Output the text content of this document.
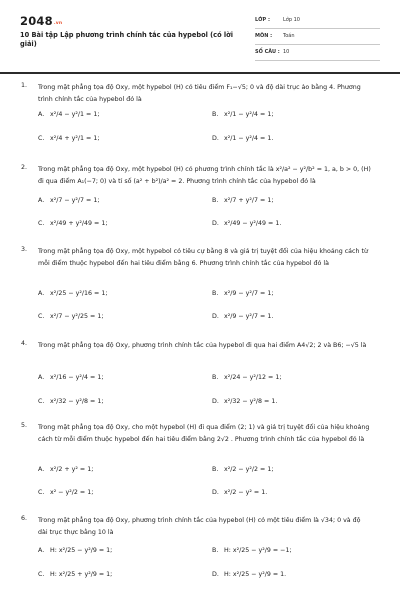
2048.vn
10 Bài tập Lập phương trình chính tắc của hypebol (có lời giải)
LỚP :	Lớp 10
MÔN : Toán
SỐ CÂU : 10
1. Trong mặt phẳng tọa độ Oxy, một hypebol (H) có tiêu điểm F₁−√5; 0 và độ dài trục ảo bằng 4. Phương trình chính tắc của hypebol đó là
A. x²/4 − y²/1 = 1;	B. x²/1 − y²/4 = 1;
C. x²/4 + y²/1 = 1;	D. x²/1 − y²/4 = 1.
2. Trong mặt phẳng tọa độ Oxy, một hypebol (H) có phương trình chính tắc là x²/a² − y²/b² = 1, a, b > 0, (H) đi qua điểm A₁(−7; 0) và tỉ số (a² + b²)/a² = 2. Phương trình chính tắc của hypebol đó là
A. x²/7 − y²/7 = 1;	B. x²/7 + y²/7 = 1;
C. x²/49 + y²/49 = 1;	D. x²/49 − y²/49 = 1.
3. Trong mặt phẳng tọa độ Oxy, một hypebol có tiêu cự bằng 8 và giá trị tuyệt đối của hiệu khoảng cách từ mỗi điểm thuộc hypebol đến hai tiêu điểm bằng 6. Phương trình chính tắc của hypebol đó là
A. x²/25 − y²/16 = 1;	B. x²/9 − y²/7 = 1;
C. x²/7 − y²/25 = 1;	D. x²/9 − y²/7 = 1.
4. Trong mặt phẳng tọa độ Oxy, phương trình chính tắc của hypebol đi qua hai điểm A4√2; 2 và B6; −√5 là
A. x²/16 − y²/4 = 1;	B. x²/24 − y²/12 = 1;
C. x²/32 − y²/8 = 1;	D. x²/32 − y²/8 = 1.
5. Trong mặt phẳng tọa độ Oxy, cho một hypebol (H) đi qua điểm (2; 1) và giá trị tuyệt đối của hiệu khoảng cách từ mỗi điểm thuộc hypebol đến hai tiêu điểm bằng 2√2 . Phương trình chính tắc của hypebol đó là
A. x²/2 + y² = 1;	B. x²/2 − y²/2 = 1;
C. x² − y²/2 = 1;	D. x²/2 − y² = 1.
6. Trong mặt phẳng tọa độ Oxy, phương trình chính tắc của hypebol (H) có một tiêu điểm là √34; 0 và độ dài trục thực bằng 10 là
A. H: x²/25 − y²/9 = 1;	B. H: x²/25 − y²/9 = −1;
C. H: x²/25 + y²/9 = 1;	D. H: x²/25 − y²/9 = 1.
